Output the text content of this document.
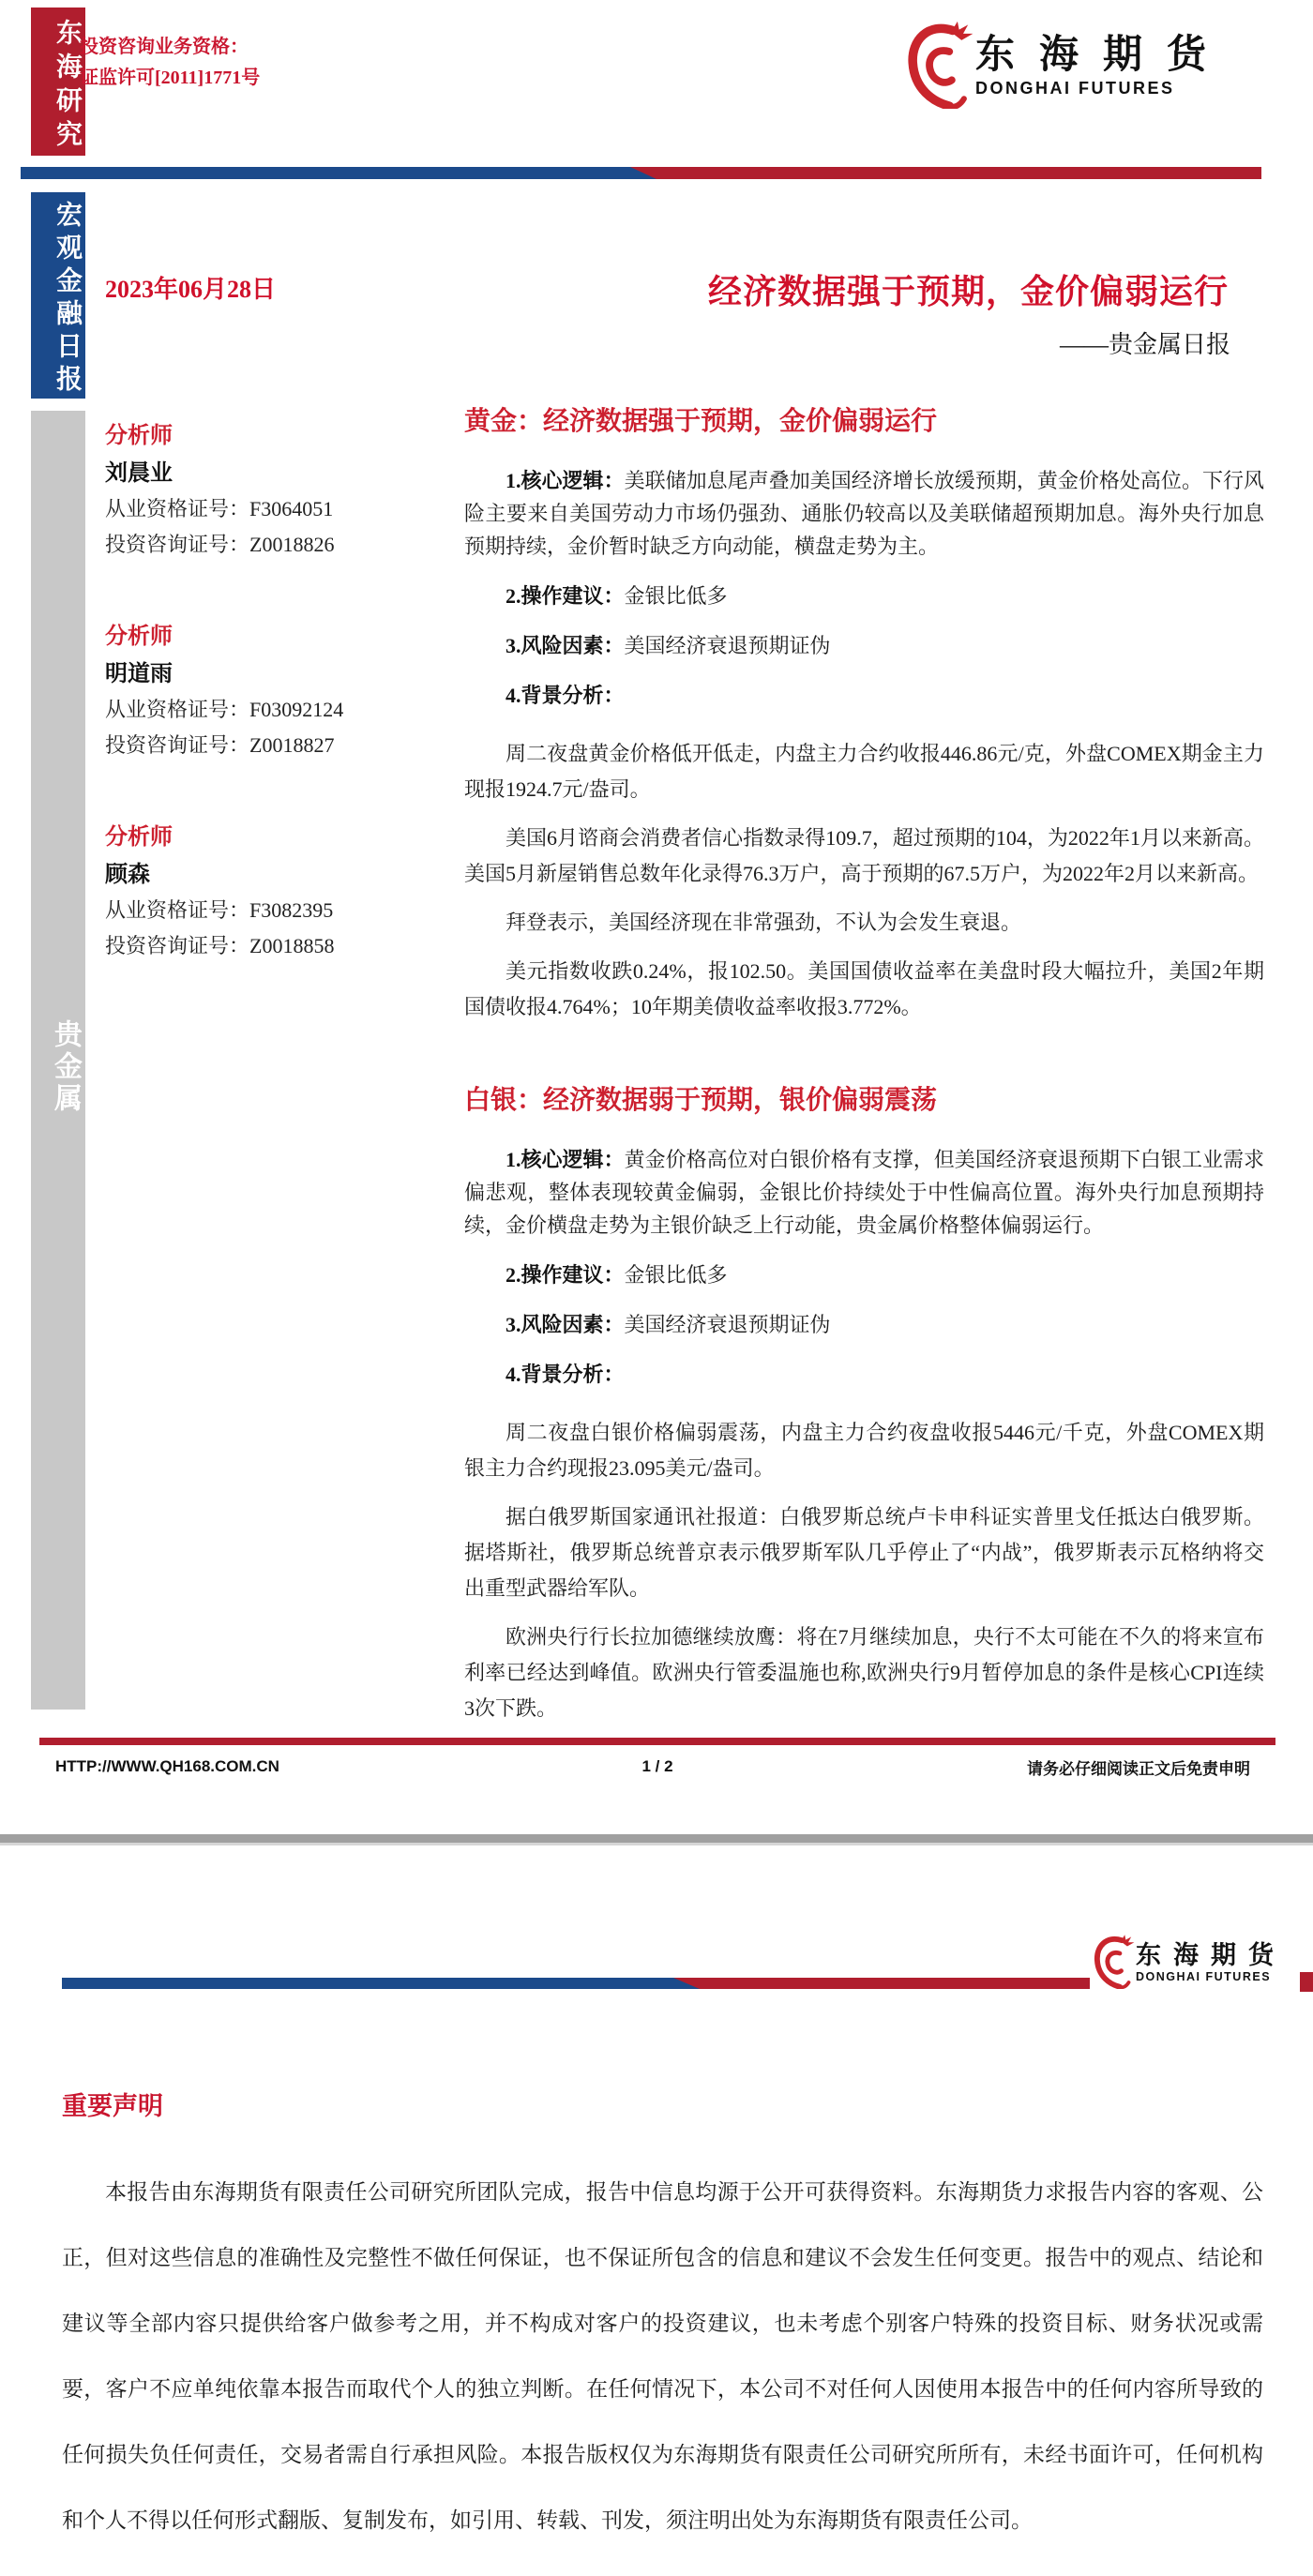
东海研究
投资咨询业务资格：
证监许可[2011]1771号
东海期货
DONGHAI FUTURES
宏观金融日报
贵金属
2023年06月28日	经济数据强于预期，金价偏弱运行
——贵金属日报
分析师
刘晨业
从业资格证号：F3064051
投资咨询证号：Z0018826
分析师
明道雨
从业资格证号：F03092124
投资咨询证号：Z0018827
分析师
顾森
从业资格证号：F3082395
投资咨询证号：Z0018858
黄金：经济数据强于预期，金价偏弱运行

1.核心逻辑：美联储加息尾声叠加美国经济增长放缓预期，黄金价格处高位。下行风险主要来自美国劳动力市场仍强劲、通胀仍较高以及美联储超预期加息。海外央行加息预期持续，金价暂时缺乏方向动能，横盘走势为主。

2.操作建议：金银比低多

3.风险因素：美国经济衰退预期证伪

4.背景分析：

周二夜盘黄金价格低开低走，内盘主力合约收报446.86元/克，外盘COMEX期金主力现报1924.7元/盎司。

美国6月谘商会消费者信心指数录得109.7，超过预期的104，为2022年1月以来新高。美国5月新屋销售总数年化录得76.3万户，高于预期的67.5万户，为2022年2月以来新高。

拜登表示，美国经济现在非常强劲，不认为会发生衰退。

美元指数收跌0.24%，报102.50。美国国债收益率在美盘时段大幅拉升，美国2年期国债收报4.764%；10年期美债收益率收报3.772%。

白银：经济数据弱于预期，银价偏弱震荡

1.核心逻辑：黄金价格高位对白银价格有支撑，但美国经济衰退预期下白银工业需求偏悲观，整体表现较黄金偏弱，金银比价持续处于中性偏高位置。海外央行加息预期持续，金价横盘走势为主银价缺乏上行动能，贵金属价格整体偏弱运行。

2.操作建议：金银比低多

3.风险因素：美国经济衰退预期证伪

4.背景分析：

周二夜盘白银价格偏弱震荡，内盘主力合约夜盘收报5446元/千克，外盘COMEX期银主力合约现报23.095美元/盎司。

据白俄罗斯国家通讯社报道：白俄罗斯总统卢卡申科证实普里戈任抵达白俄罗斯。据塔斯社，俄罗斯总统普京表示俄罗斯军队几乎停止了“内战”，俄罗斯表示瓦格纳将交出重型武器给军队。

欧洲央行行长拉加德继续放鹰：将在7月继续加息，央行不太可能在不久的将来宣布利率已经达到峰值。欧洲央行管委温施也称,欧洲央行9月暂停加息的条件是核心CPI连续3次下跌。

HTTP://WWW.QH168.COM.CN	1 / 2	请务必仔细阅读正文后免责申明
东海期货
DONGHAI FUTURES
重要声明
本报告由东海期货有限责任公司研究所团队完成，报告中信息均源于公开可获得资料。东海期货力求报告内容的客观、公正，但对这些信息的准确性及完整性不做任何保证，也不保证所包含的信息和建议不会发生任何变更。报告中的观点、结论和建议等全部内容只提供给客户做参考之用，并不构成对客户的投资建议，也未考虑个别客户特殊的投资目标、财务状况或需要，客户不应单纯依靠本报告而取代个人的独立判断。在任何情况下，本公司不对任何人因使用本报告中的任何内容所导致的任何损失负任何责任，交易者需自行承担风险。本报告版权仅为东海期货有限责任公司研究所所有，未经书面许可，任何机构和个人不得以任何形式翻版、复制发布，如引用、转载、刊发，须注明出处为东海期货有限责任公司。
